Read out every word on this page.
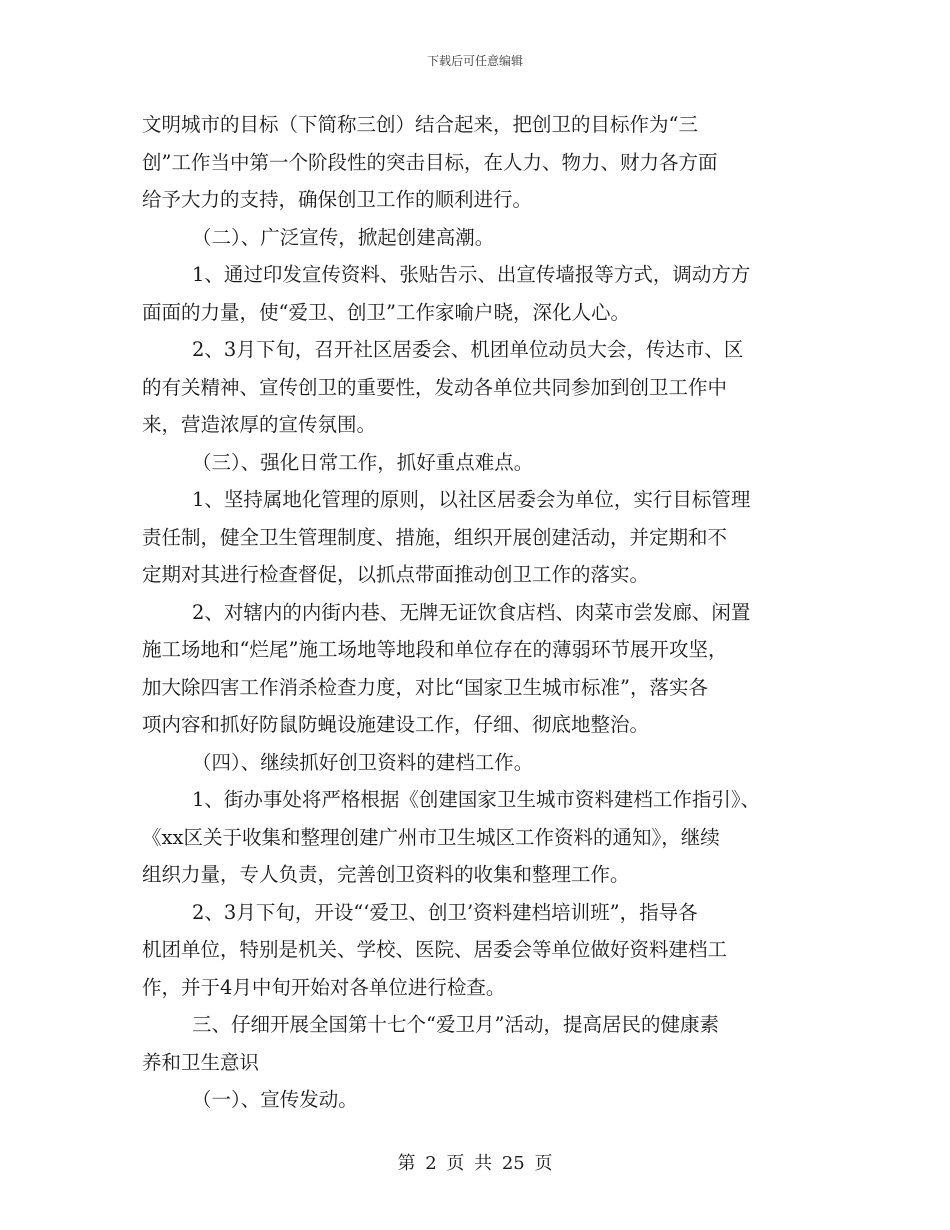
下载后可任意编辑
文明城市的目标（下简称三创）结合起来，把创卫的目标作为“三
创”工作当中第一个阶段性的突击目标，在人力、物力、财力各方面
给予大力的支持，确保创卫工作的顺利进行。
（二）、广泛宣传，掀起创建高潮。
1、通过印发宣传资料、张贴告示、出宣传墙报等方式，调动方方
面面的力量，使“爱卫、创卫”工作家喻户晓，深化人心。
2、3月下旬，召开社区居委会、机团单位动员大会，传达市、区
的有关精神、宣传创卫的重要性，发动各单位共同参加到创卫工作中
来，营造浓厚的宣传氛围。
（三）、强化日常工作，抓好重点难点。
1、坚持属地化管理的原则，以社区居委会为单位，实行目标管理
责任制，健全卫生管理制度、措施，组织开展创建活动，并定期和不
定期对其进行检查督促，以抓点带面推动创卫工作的落实。
2、对辖内的内街内巷、无牌无证饮食店档、肉菜市尝发廊、闲置
施工场地和“烂尾”施工场地等地段和单位存在的薄弱环节展开攻坚，
加大除四害工作消杀检查力度，对比“国家卫生城市标准”，落实各
项内容和抓好防鼠防蝇设施建设工作，仔细、彻底地整治。
（四）、继续抓好创卫资料的建档工作。
1、街办事处将严格根据《创建国家卫生城市资料建档工作指引》、
《xx区关于收集和整理创建广州市卫生城区工作资料的通知》，继续
组织力量，专人负责，完善创卫资料的收集和整理工作。
2、3月下旬，开设“‘爱卫、创卫’资料建档培训班”，指导各
机团单位，特别是机关、学校、医院、居委会等单位做好资料建档工
作，并于4月中旬开始对各单位进行检查。
三、仔细开展全国第十七个“爱卫月”活动，提高居民的健康素
养和卫生意识
（一）、宣传发动。
第 2 页 共 25 页
